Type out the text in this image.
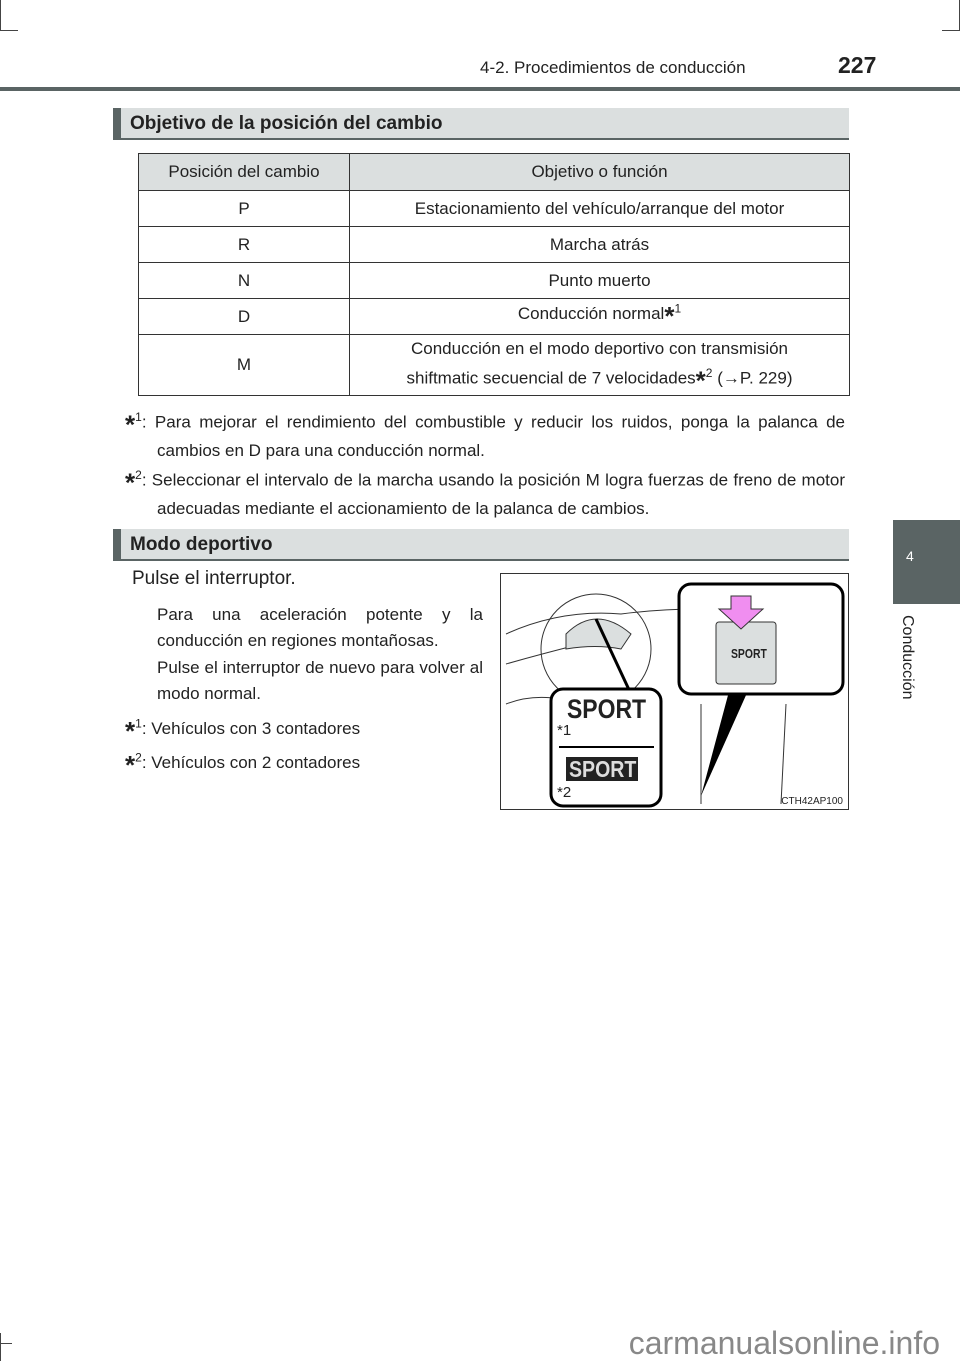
4-2. Procedimientos de conducción	227
Objetivo de la posición del cambio
Posición del cambio	Objetivo o función
P	Estacionamiento del vehículo/arranque del motor
R	Marcha atrás
N	Punto muerto
D	Conducción normal*$^1$
M	Conducción en el modo deportivo con transmisión
shiftmatic secuencial de 7 velocidades*$^2$ (→P. 229)
*$^1$: Para mejorar el rendimiento del combustible y reducir los ruidos, ponga la palanca de cambios en D para una conducción normal.
*$^2$: Seleccionar el intervalo de la marcha usando la posición M logra fuerzas de freno de motor adecuadas mediante el accionamiento de la palanca de cambios.
Modo deportivo
Pulse el interruptor.
Para una aceleración potente y la conducción en regiones montañosas.
Pulse el interruptor de nuevo para volver al modo normal.
*$^1$: Vehículos con 3 contadores
*$^2$: Vehículos con 2 contadores
SPORT
*1
SPORT
*2
SPORT
CTH42AP100
4
Conducción
carmanualsonline.info
